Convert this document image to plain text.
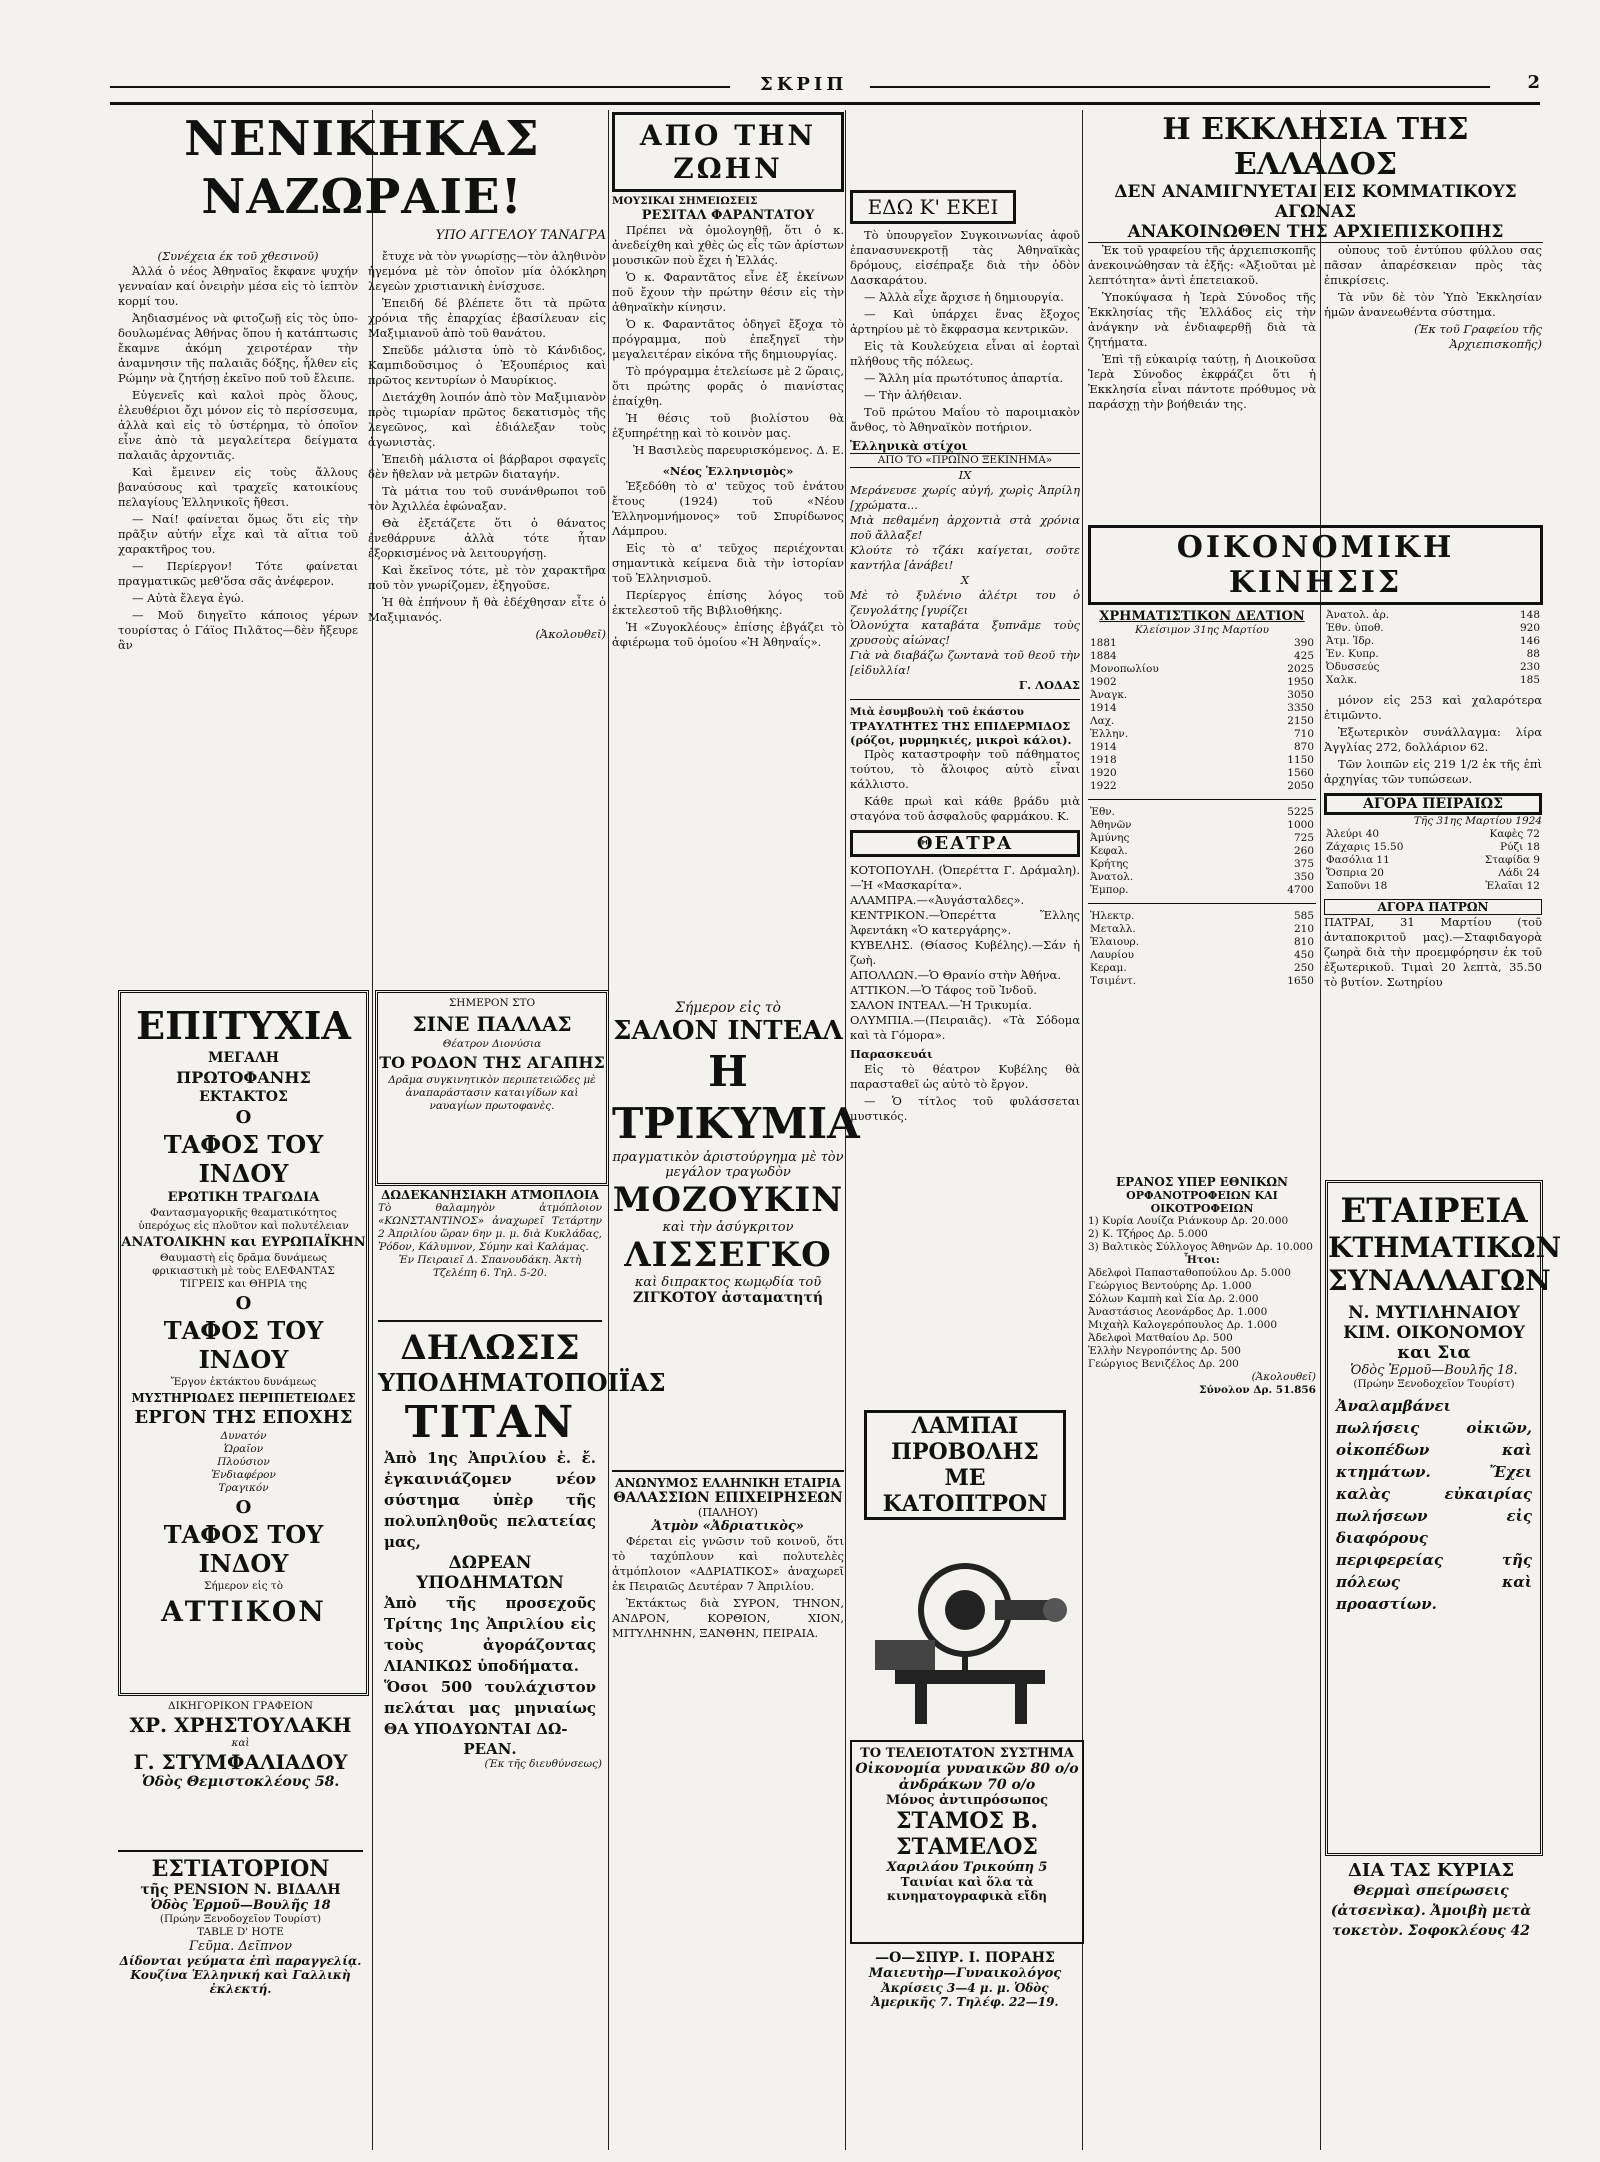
ΣΚΡΙΠ	2
ΝΕΝΙΚΗΚΑΣ ΝΑΖΩΡΑΙΕ!
ΥΠΟ ΑΓΓΕΛΟΥ ΤΑΝΑΓΡΑ
(Συνέχεια έκ τοῦ χθεσινοῦ)

Ἀλλά ὁ νέος Ἀθηναῖος ἔκφανε ψυχήν γενναίαν καί ὀνειρὴν μέσα εἰς τὸ ἱεπτὸν κορμί του.

Ἀηδιασμένος νὰ φιτοζωῇ εἰς τὸς ὑπο-δουλωμένας Ἀθήνας ὅπου ἡ κατάπτωσις ἔκαμνε ἀκόμη χειροτέραν τὴν ἀναμνησιν τῆς παλαιᾶς δόξης, ἦλθεν εἰς Ρώμην νὰ ζητήσῃ ἐκεῖνο ποῦ τοῦ ἔλειπε.

Εὑγενεῖς καὶ καλοὶ πρὸς ὅλους, ἐλευθέριοι ὄχι μόνον εἰς τὸ περίσσευμα, ἀλλὰ καὶ εἰς τὸ ὑστέρημα, τὸ ὁποῖον εἶνε ἀπὸ τὰ μεγαλείτερα δείγματα παλαιᾶς ἀρχοντιᾶς.

Καὶ ἔμεινεν εἰς τοὺς ἄλλους βαναύσους καὶ τραχεῖς κατοικίους πελαγίους Ἑλληνικοῖς ἤθεσι.

— Ναί! φαίνεται ὅμως ὅτι εἰς τὴν πρᾶξιν αὐτήν εἶχε καὶ τὰ αἴτια τοῦ χαρακτῆρος του.

— Περίεργον! Τότε φαίνεται πραγματικῶς μεθ'ὅσα σᾶς ἀνέφερον.

— Αὐτὰ ἔλεγα ἐγώ.

— Μοῦ διηγεῖτο κάποιος γέρων τουρίστας ὁ Γάϊος Πιλᾶτος—δὲν ἤξευρε ἂν

ἔτυχε νὰ τὸν γνωρίσῃς—τὸν ἀληθινὸν ἡγεμόνα μὲ τὸν ὁποῖον μία ὁλόκληρη λεγεὼν χριστιανικὴ ἐνίσχυσε.

Ἐπειδή δέ βλέπετε ὅτι τὰ πρῶτα χρόνια τῆς ἐπαρχίας ἐβασίλευαν εἰς Μαξιμιανοῦ ἀπὸ τοῦ θανάτου.

Σπεῦδε μάλιστα ὑπὸ τὸ Κάνδιδος, Καμπιδοῦσιμος ὁ Ἐξουπέριος καὶ πρῶτος κεντυρίων ὁ Μαυρίκιος.

Διετάχθη λοιπόν ἀπὸ τὸν Μαξιμιανὸν πρὸς τιμωρίαν πρῶτος δεκατισμὸς τῆς λεγεῶνος, καὶ ἐδιάλεξαν τοὺς ἀγωνιστὰς.

Ἐπειδὴ μάλιστα οἱ βάρβαροι σφαγεῖς δὲν ἤθελαν νὰ μετρῶν διαταγήν.

Τὰ μάτια του τοῦ συνάνθρωποι τοῦ τὸν Ἀχιλλέα ἐφώναξαν.

Θὰ ἐξετάζετε ὅτι ὁ θάνατος ἐνεθάρρυνε ἀλλὰ τότε ἦταν ἐξορκισμένος νὰ λειτουργήσῃ.

Καὶ ἔκεῖνος τότε, μὲ τὸν χαρακτῆρα ποῦ τὸν γνωρίζομεν, ἐξηγοῦσε.

Ἡ θὰ ἐπήνουν ἤ θὰ ἐδέχθησαν εἶτε ὁ Μαξιμιανός.

(Ἀκολουθεῖ)
ΕΠΙΤΥΧΙΑ
ΜΕΓΑΛΗ
ΠΡΩΤΟΦΑΝΗΣ
ΕΚΤΑΚΤΟΣ
Ο
ΤΑΦΟΣ ΤΟΥ ΙΝΔΟΥ
ΕΡΩΤΙΚΗ ΤΡΑΓΩΔΙΑ
Φαντασμαγορικῆς θεαματικότητος ὑπερόχως εἰς πλοῦτον καὶ πολυτέλειαν
ΑΝΑΤΟΛΙΚΗΝ και ΕΥΡΩΠΑΪΚΗΝ
Θαυμαστὴ εἰς δρᾶμα δυνάμεως φρικιαστικὴ μὲ τοὺς ΕΛΕΦΑΝΤΑΣ ΤΙΓΡΕΙΣ και ΘΗΡΙΑ της
Ο
ΤΑΦΟΣ ΤΟΥ ΙΝΔΟΥ
Ἔργον ἐκτάκτου δυνάμεως
ΜΥΣΤΗΡΙΩΔΕΣ ΠΕΡΙΠΕΤΕΙΩΔΕΣ
ΕΡΓΟΝ ΤΗΣ ΕΠΟΧΗΣ
Δυνατόν
Ὡραῖον
Πλούσιον
Ἐνδιαφέρον
Τραγικόν
Ο
ΤΑΦΟΣ ΤΟΥ ΙΝΔΟΥ
Σήμερον εἰς τὸ
ΑΤΤΙΚΟΝ
ΔΙΚΗΓΟΡΙΚΟΝ ΓΡΑΦΕΙΟΝ
ΧΡ. ΧΡΗΣΤΟΥΛΑΚΗ
καὶ
Γ. ΣΤΥΜΦΑΛΙΑΔΟΥ
Ὁδὸς Θεμιστοκλέους 58.
ΕΣΤΙΑΤΟΡΙΟΝ
τῆς PENSION Ν. ΒΙΔΑΛΗ
Ὁδὸς Ἑρμοῦ—Βουλῆς 18
(Πρώην Ξενοδοχεῖον Τουρίστ)
TABLE D' HOTE
Γεῦμα. Δεῖπνον
Δίδονται γεύματα ἐπὶ παραγγελίᾳ.
Κουζίνα Ἑλληνική καὶ Γαλλικὴ ἐκλεκτή.
ΣΗΜΕΡΟΝ ΣΤΟ
ΣΙΝΕ ΠΑΛΛΑΣ
Θέατρον Διονύσια
ΤΟ ΡΟΔΟΝ ΤΗΣ ΑΓΑΠΗΣ
Δρᾶμα συγκινητικὸν περιπετειῶδες μὲ ἀναπαράστασιν καταιγίδων καὶ ναυαγίων πρωτοφανὲς.
ΔΩΔΕΚΑΝΗΣΙΑΚΗ ΑΤΜΟΠΛΟΙΑ
Τὸ θαλαμηγὸν ἀτμόπλοιον «ΚΩΝΣΤΑΝΤΙΝΟΣ» ἀναχωρεῖ Τετάρτην 2 Ἀπριλίου ὥραν 6ην μ. μ. διὰ Κυκλάδας, Ῥόδον, Κάλυμνον, Σύμην καὶ Καλάμας.
Ἐν Πειραιεῖ Δ. Σπανουδάκη. Ἀκτὴ Τζελέπη 6. Τηλ. 5-20.
ΔΗΛΩΣΙΣ
ΥΠΟΔΗΜΑΤΟΠΟΙΪΑΣ
ΤΙΤΑΝ
Ἀπὸ 1ης Ἀπριλίου ἐ. ἔ. ἐγκαινιάζομεν νέον σύστημα ὑπὲρ τῆς πολυπληθοῦς πελατείας μας,
ΔΩΡΕΑΝ ΥΠΟΔΗΜΑΤΩΝ
Ἀπὸ τῆς προσεχοῦς Τρίτης 1ης Ἀπριλίου εἰς τοὺς ἀγοράζοντας ΛΙΑΝΙΚΩΣ ὑποδήματα.
Ὅσοι 500 τουλάχιστον πελάται μας μηνιαίως ΘΑ ΥΠΟΔΥΩΝΤΑΙ ΔΩ-
ΡΕΑΝ.
(Ἐκ τῆς διευθύνσεως)
ΑΠΟ ΤΗΝ ΖΩΗΝ
ΜΟΥΣΙΚΑΙ ΣΗΜΕΙΩΣΕΙΣ
ΡΕΣΙΤΑΛ ΦΑΡΑΝΤΑΤΟΥ

Πρέπει νὰ ὁμολογηθῇ, ὅτι ὁ κ. ἀνεδείχθη καὶ χθὲς ὡς εἷς τῶν ἀρίστων μουσικῶν ποὺ ἔχει ἡ Ἑλλάς.

Ὁ κ. Φαραντᾶτος εἶνε ἐξ ἐκείνων ποῦ ἔχουν τὴν πρώτην θέσιν εἰς τὴν ἀθηναϊκὴν κίνησιν.

Ὁ κ. Φαραντᾶτος ὁδηγεῖ ἔξοχα τὸ πρόγραμμα, ποὺ ἐπεξηγεῖ τὴν μεγαλειτέραν εἰκόνα τῆς δημιουργίας.

Τὸ πρόγραμμα ἐτελείωσε μὲ 2 ὥραις, ὅτι πρώτης φορᾶς ὁ πιανίστας ἐπαίχθη.

Ἡ θέσις τοῦ βιολίστου θὰ ἐξυπηρέτηῃ καὶ τὸ κοινὸν μας.

Ἡ Βασιλεὺς παρευρισκόμενος. Δ. Ε.
«Νέος Ἑλληνισμὸς»

Ἐξεδόθη τὸ α' τεῦχος τοῦ ἐνάτου ἔτους (1924) τοῦ «Νέου Ἑλληνομνήμονος» τοῦ Σπυρίδωνος Λάμπρου.

Εἰς τὸ α' τεῦχος περιέχονται σημαντικὰ κείμενα διὰ τὴν ἱστορίαν τοῦ Ἑλληνισμοῦ.

Περίεργος ἐπίσης λόγος τοῦ ἐκτελεστοῦ τῆς Βιβλιοθήκης.

Ἡ «Ζυγοκλέους» ἐπίσης ἐβγάζει τὸ ἀφιέρωμα τοῦ ὁμοίου «Ἡ Ἀθηναΐς».

Σήμερον εἰς τὸ
ΣΑΛΟΝ ΙΝΤΕΑΛ
Η ΤΡΙΚΥΜΙΑ
πραγματικὸν ἀριστούργημα μὲ τὸν μεγάλον τραγωδὸν
ΜΟΖΟΥΚΙΝ
καὶ τὴν ἀσύγκριτον
ΛΙΣΣΕΓΚΟ
καὶ διπρακτος κωμῳδία τοῦ
ΖΙΓΚΟΤΟΥ ἀσταματητή
ΑΝΩΝΥΜΟΣ ΕΛΛΗΝΙΚΗ ΕΤΑΙΡΙΑ
ΘΑΛΑΣΣΙΩΝ ΕΠΙΧΕΙΡΗΣΕΩΝ
(ΠΑΛΗΟΥ)
Ἀτμὸν «Ἀδριατικὸς»

Φέρεται εἰς γνῶσιν τοῦ κοινοῦ, ὅτι τὸ ταχύπλουν καὶ πολυτελὲς ἀτμόπλοιον «ΑΔΡΙΑΤΙΚΟΣ» ἀναχωρεῖ ἐκ Πειραιῶς Δευτέραν 7 Ἀπριλίου.

Ἐκτάκτως διὰ ΣΥΡΟΝ, ΤΗΝΟΝ, ΑΝΔΡΟΝ, ΚΟΡΘΙΟΝ, ΧΙΟΝ, ΜΙΤΥΛΗΝΗΝ, ΞΑΝΘΗΝ, ΠΕΙΡΑΙΑ.

ΕΔΩ Κ' ΕΚΕΙ

Τὸ ὑπουργεῖον Συγκοινωνίας ἀφοῦ ἐπανασυνεκροτῇ τὰς Ἀθηναϊκὰς δρόμους, εἰσέπραξε διὰ τὴν ὁδὸν Δασκαράτου.

— Ἀλλὰ εἶχε ἄρχισε ἡ δημιουργία.

— Καὶ ὑπάρχει ἕνας ἔξοχος ἀρτηρίου μὲ τὸ ἔκφρασμα κεντρικῶν.

Εἰς τὰ Κουλεύχεια εἶναι αἱ ἑορταὶ πλήθους τῆς πόλεως.

— Ἄλλη μία πρωτότυπος ἀπαρτία.

— Τὴν ἀλήθειαν.

Τοῦ πρώτου Μαΐου τὸ παροιμιακὸν ἄνθος, τὸ Ἀθηναϊκὸν ποτήριον.

Ἑλληνικὰ στίχοι
ΑΠΟ ΤΟ «ΠΡΩΪΝΟ ΞΕΚΙΝΗΜΑ»
IX
Μεράνευσε χωρίς αὐγή, χωρὶς Ἀπρίλη [χρώματα...
Μιὰ πεθαμένη ἀρχοντιὰ στὰ χρόνια ποῦ ἄλλαξε!
Κλούτε τὸ τζάκι καίγεται, σοῦτε καντήλα [ἀνάβει!
X
Μὲ τὸ ξυλένιο ἀλέτρι του ὁ ζευγολάτης [γυρίζει
Ὁλονύχτα καταβάτα ξυπνᾶμε τοὺς χρυσοὺς αἰώνας!
Γιὰ νὰ διαβάζω ζωντανὰ τοῦ θεοῦ τὴν [εἰδυλλία!
Γ. ΛΟΔΑΣ
Μιὰ ἐσυμβουλὴ τοῦ ἐκάστου
ΤΡΑΥΛΤΗΤΕΣ ΤΗΣ ΕΠΙΔΕΡΜΙΔΟΣ (ρόζοι, μυρμηκιές, μικροὶ κάλοι).

Πρὸς καταστροφὴν τοῦ πάθηματος τούτου, τὸ ἄλοιφος αὐτὸ εἶναι κάλλιστο.

Κάθε πρωὶ καὶ κάθε βράδυ μιὰ σταγόνα τοῦ ἀσφαλοῦς φαρμάκου. Κ.

ΘΕΑΤΡΑ
ΚΟΤΟΠΟΥΛΗ. (Ὀπερέττα Γ. Δράμαλη).—Ἡ «Μασκαρίτα».
ΑΛΑΜΠΡΑ.—«Ἀυγάσταλδες».
ΚΕΝΤΡΙΚΟΝ.—Ὀπερέττα Ἕλλης Ἀφεντάκη «Ὁ κατεργάρης».
ΚΥΒΕΛΗΣ. (Θίασος Κυβέλης).—Σάν ἡ ζωὴ.
ΑΠΟΛΛΩΝ.—Ὁ Θρανίο στὴν Ἀθήνα.
ΑΤΤΙΚΟΝ.—Ὁ Τάφος τοῦ Ἰνδοῦ.
ΣΑΛΟΝ ΙΝΤΕΑΛ.—Ἡ Τρικυμία.
ΟΛΥΜΠΙΑ.—(Πειραιᾶς). «Τὰ Σόδομα καὶ τὰ Γόμορα».
Παρασκευάι

Εἰς τὸ θέατρον Κυβέλης θὰ παρασταθεῖ ὡς αὐτὸ τὸ ἔργον.

— Ὁ τίτλος τοῦ φυλάσσεται μυστικός.

ΛΑΜΠΑΙ ΠΡΟΒΟΛΗΣ
ΜΕ ΚΑΤΟΠΤΡΟΝ
ΤΟ ΤΕΛΕΙΟΤΑΤΟΝ ΣΥΣΤΗΜΑ
Οἰκονομία γυναικῶν 80 ο/ο
ἀνδράκων 70 ο/ο
Μόνος ἀντιπρόσωπος
ΣΤΑΜΟΣ Β. ΣΤΑΜΕΛΟΣ
Χαριλάου Τρικούπη 5
Ταινίαι καὶ ὅλα τὰ κινηματογραφικὰ εἴδη
—Ο—ΣΠΥΡ. Ι. ΠΟΡΑΗΣ
Μαιευτὴρ—Γυναικολόγος
Ἀκρίσεις 3—4 μ. μ. Ὁδὸς Ἀμερικῆς 7. Τηλέφ. 22—19.
Η ΕΚΚΛΗΣΙΑ ΤΗΣ ΕΛΛΑΔΟΣ
ΔΕΝ ΑΝΑΜΙΓΝΥΕΤΑΙ ΕΙΣ ΚΟΜΜΑΤΙΚΟΥΣ ΑΓΩΝΑΣ
ΑΝΑΚΟΙΝΩΘΕΝ ΤΗΣ ΑΡΧΙΕΠΙΣΚΟΠΗΣ

Ἐκ τοῦ γραφείου τῆς ἀρχιεπισκοπῆς ἀνεκοινώθησαν τὰ ἑξῆς: «Ἀξιοῦται μὲ λεπτότητα» ἀντὶ ἐπετειακοῦ.

Ὑποκύψασα ἡ Ἱερὰ Σύνοδος τῆς Ἐκκλησίας τῆς Ἑλλάδος εἰς τὴν ἀνάγκην νὰ ἐνδιαφερθῇ διὰ τὰ ζητήματα.

Ἐπὶ τῇ εὐκαιρίᾳ ταύτῃ, ἡ Διοικοῦσα Ἱερὰ Σύνοδος ἐκφράζει ὅτι ἡ Ἐκκλησία εἶναι πάντοτε πρόθυμος νὰ παράσχῃ τὴν βοήθειάν της.

οὐπους τοῦ ἐντύπου φύλλου σας πᾶσαν ἀπαρέσκειαν πρὸς τὰς ἐπικρίσεις.

Τὰ νῦν δὲ τὸν Ὑπὸ Ἐκκλησίαν ἡμῶν ἀνανεωθέντα σύστημα.

(Ἐκ τοῦ Γραφείου τῆς Ἀρχιεπισκοπῆς)
ΟΙΚΟΝΟΜΙΚΗ ΚΙΝΗΣΙΣ
ΧΡΗΜΑΤΙΣΤΙΚΟΝ ΔΕΛΤΙΟΝ
Κλείσιμον 31ης Μαρτίου
1881	390
1884	425
Μονοπωλίου	2025
1902	1950
Ἀναγκ.	3050
1914	3350
Λαχ.	2150
Ἑλλην.	710
1914	870
1918	1150
1920	1560
1922	2050
Ἐθν.	5225
Ἀθηνῶν	1000
Ἀμύνης	725
Κεφαλ.	260
Κρήτης	375
Ἀνατολ.	350
Ἐμπορ.	4700
Ἡλεκτρ.	585
Μεταλλ.	210
Ἐλαιουρ.	810
Λαυρίου	450
Κεραμ.	250
Τσιμέντ.	1650
Ἀνατολ. ἀρ.	148
Ἐθν. ὑποθ.	920
Ἀτμ. Ἰδρ.	146
Ἐν. Κυπρ.	88
Ὀδυσσεύς	230
Χαλκ.	185

μόνον εἰς 253 καὶ χαλαρότερα ἐτιμῶντο.

Ἐξωτερικὸν συνάλλαγμα: λίρα Ἀγγλίας 272, δολλάριον 62.

Τῶν λοιπῶν εἰς 219 1/2 ἐκ τῆς ἐπὶ ἀρχηγίας τῶν τυπώσεων.

ΑΓΟΡΑ ΠΕΙΡΑΙΩΣ
Τῆς 31ης Μαρτίου 1924
Ἀλεύρι 40	Καφὲς 72
Ζάχαρις 15.50	Ρύζι 18
Φασόλια 11	Σταφίδα 9
Ὄσπρια 20	Λάδι 24
Σαποῦνι 18	Ἐλαῖαι 12
ΑΓΟΡΑ ΠΑΤΡΩΝ
ΠΑΤΡΑΙ, 31 Μαρτίου (τοῦ ἀνταποκριτοῦ μας).—Σταφιδαγορὰ ζωηρὰ διὰ τὴν προεμφόρησιν ἐκ τοῦ ἐξωτερικοῦ. Τιμαὶ 20 λεπτὰ, 35.50 τὸ βυτίον. Σωτηρίου
ΕΡΑΝΟΣ ΥΠΕΡ ΕΘΝΙΚΩΝ
ΟΡΦΑΝΟΤΡΟΦΕΙΩΝ ΚΑΙ ΟΙΚΟΤΡΟΦΕΙΩΝ
1) Κυρία Λουίζα Ριάνκουρ Δρ. 20.000
2) Κ. Τζήρος Δρ. 5.000
3) Βαλτικὸς Σύλλογος Ἀθηνῶν Δρ. 10.000
Ἧτοι:
Ἀδελφοὶ Παπασταθοπούλου Δρ. 5.000
Γεώργιος Βεντούρης Δρ. 1.000
Σόλων Καμπὴ καὶ Σία Δρ. 2.000
Ἀναστάσιος Λεονάρδος Δρ. 1.000
Μιχαὴλ Καλογερόπουλος Δρ. 1.000
Ἀδελφοὶ Ματθαίου Δρ. 500
Ἑλλὴν Νεγροπόντης Δρ. 500
Γεώργιος Βενιζέλος Δρ. 200
(Ἀκολουθεῖ)
Σύνολον Δρ. 51.856
ΕΤΑΙΡΕΙΑ
ΚΤΗΜΑΤΙΚΩΝ
ΣΥΝΑΛΛΑΓΩΝ
Ν. ΜΥΤΙΛΗΝΑΙΟΥ ΚΙΜ. ΟΙΚΟΝΟΜΟΥ και Σια
Ὁδὸς Ἑρμοῦ—Βουλῆς 18.
(Πρώην Ξενοδοχεῖον Τουρίστ)
Ἀναλαμβάνει πωλήσεις οἰκιῶν, οἰκοπέδων καὶ κτημάτων. Ἔχει καλὰς εὐκαιρίας πωλήσεων εἰς διαφόρους περιφερείας τῆς πόλεως καὶ προαστίων.
ΔΙΑ ΤΑΣ ΚΥΡΙΑΣ
Θερμαὶ σπείρωσεις (ἀτσενὶκα). Ἀμοιβὴ μετὰ τοκετὸν. Σοφοκλέους 42
